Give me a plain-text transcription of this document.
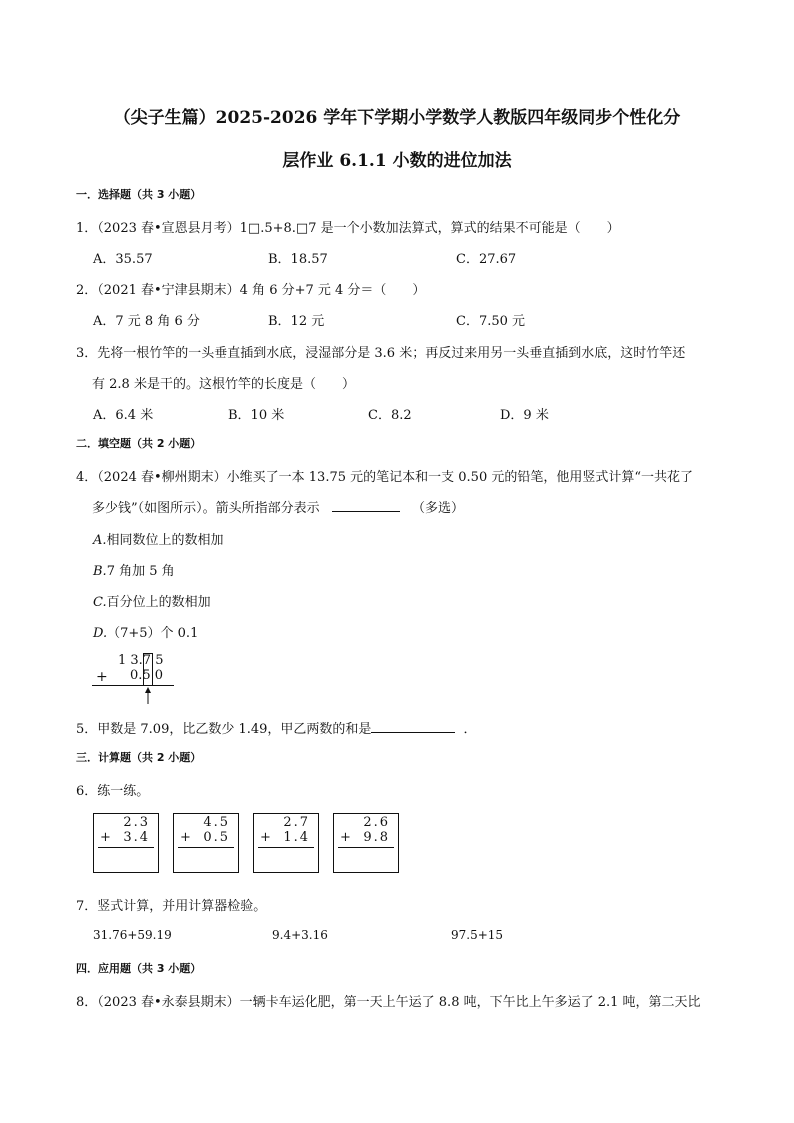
（尖子生篇）2025-2026 学年下学期小学数学人教版四年级同步个性化分
层作业 6.1.1 小数的进位加法
一．选择题（共 3 小题）
1．（2023 春•宣恩县月考）1□.5+8.□7 是一个小数加法算式，算式的结果不可能是（　　）
A．35.57	B．18.57	C．27.67
2．（2021 春•宁津县期末）4 角 6 分+7 元 4 分＝（　　）
A．7 元 8 角 6 分	B．12 元	C．7.50 元
3．先将一根竹竿的一头垂直插到水底，浸湿部分是 3.6 米；再反过来用另一头垂直插到水底，这时竹竿还
有 2.8 米是干的。这根竹竿的长度是（　　）
A．6.4 米	B．10 米	C．8.2	D．9 米
二．填空题（共 2 小题）
4．（2024 春•柳州期末）小维买了一本 13.75 元的笔记本和一支 0.50 元的铅笔，他用竖式计算“一共花了
多少钱”（如图所示）。箭头所指部分表示	（多选）
A.相同数位上的数相加
B.7 角加 5 角
C.百分位上的数相加
D.（7+5）个 0.1
1 3.7 5
+ 0.5 0
5．甲数是 7.09，比乙数少 1.49，甲乙两数的和是	．
三．计算题（共 2 小题）
6．练一练。
2.3
+ 3.4
4.5
+ 0.5
2.7
+ 1.4
2.6
+ 9.8
7．竖式计算，并用计算器检验。
31.76+59.19	9.4+3.16	97.5+15
四．应用题（共 3 小题）
8．（2023 春•永泰县期末）一辆卡车运化肥，第一天上午运了 8.8 吨，下午比上午多运了 2.1 吨，第二天比
